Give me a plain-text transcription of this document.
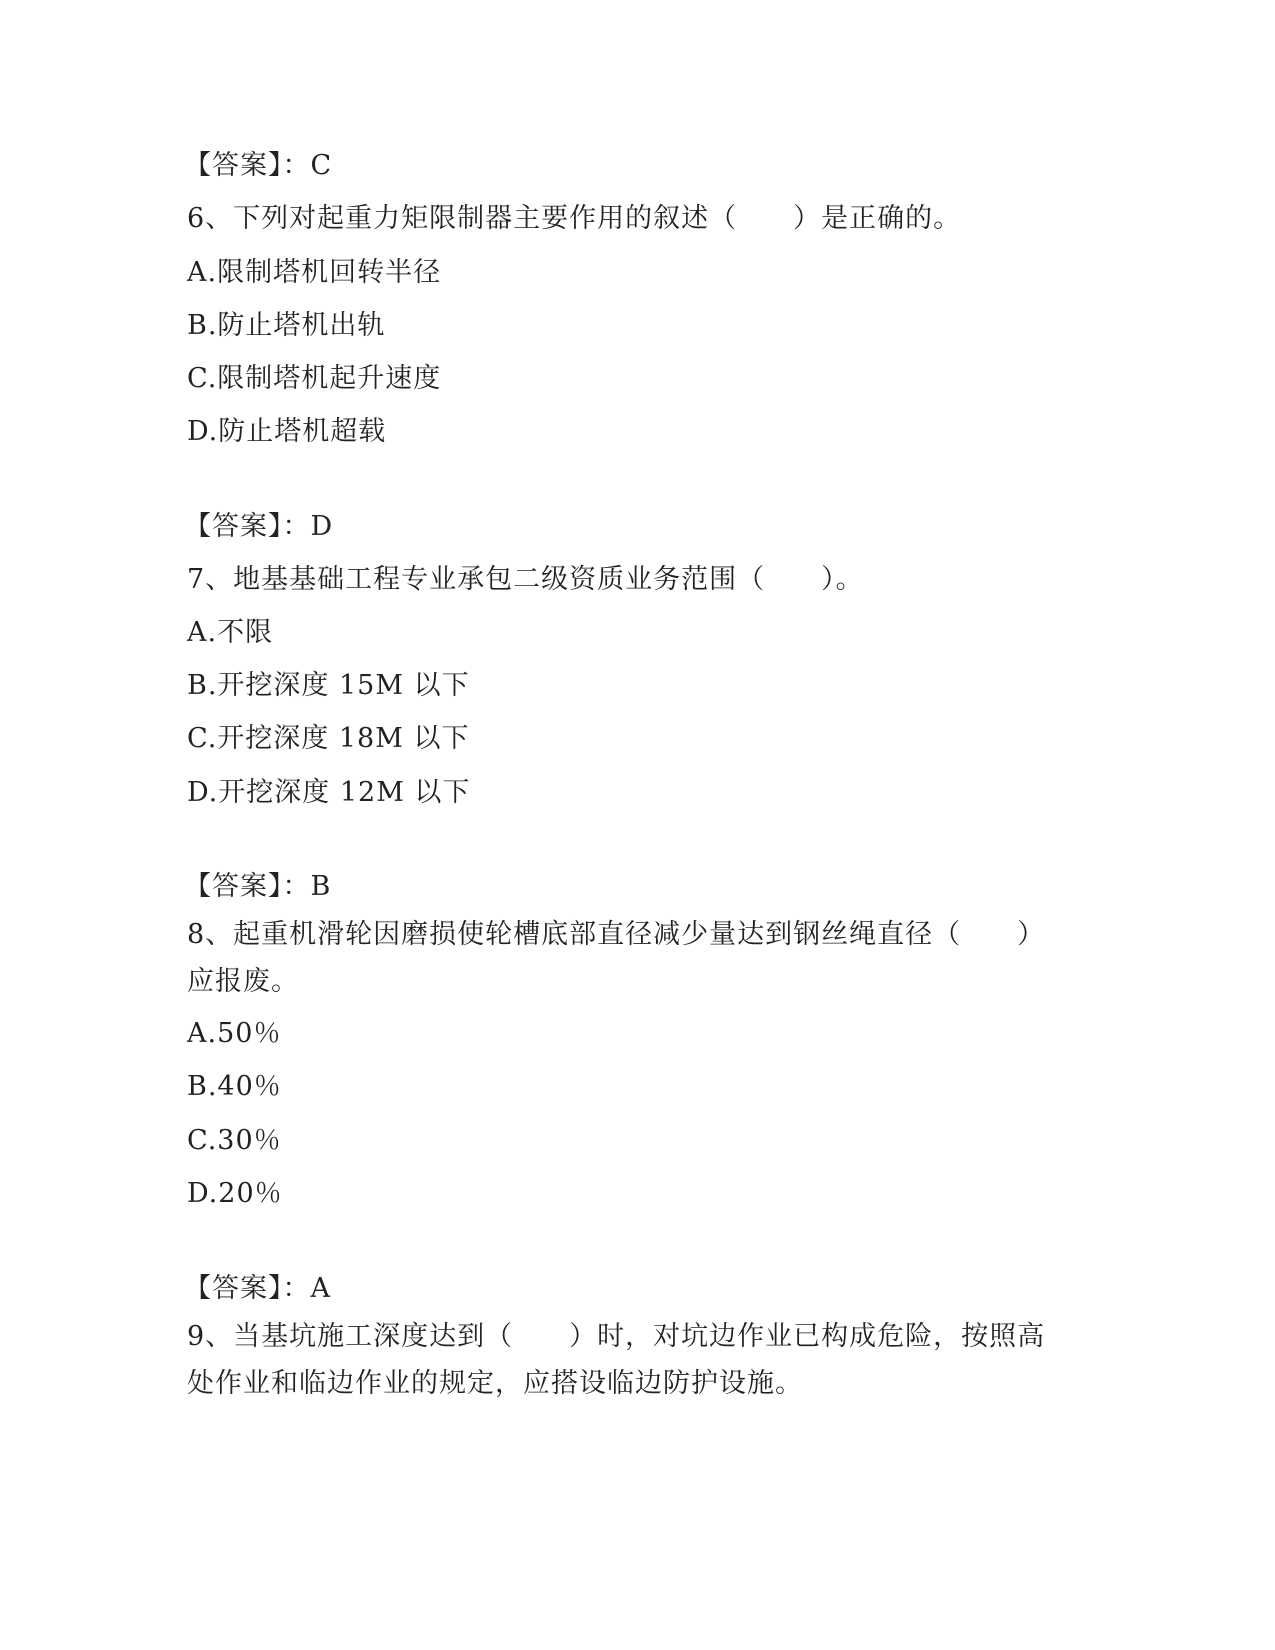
【答案】：C
6、下列对起重力矩限制器主要作用的叙述（　　）是正确的。
A.限制塔机回转半径
B.防止塔机出轨
C.限制塔机起升速度
D.防止塔机超载
【答案】：D
7、地基基础工程专业承包二级资质业务范围（　　）。
A.不限
B.开挖深度 15M 以下
C.开挖深度 18M 以下
D.开挖深度 12M 以下
【答案】：B
8、起重机滑轮因磨损使轮槽底部直径减少量达到钢丝绳直径（　　）应报废。
A.50％
B.40％
C.30％
D.20％
【答案】：A
9、当基坑施工深度达到（　　）时，对坑边作业已构成危险，按照高处作业和临边作业的规定，应搭设临边防护设施。
